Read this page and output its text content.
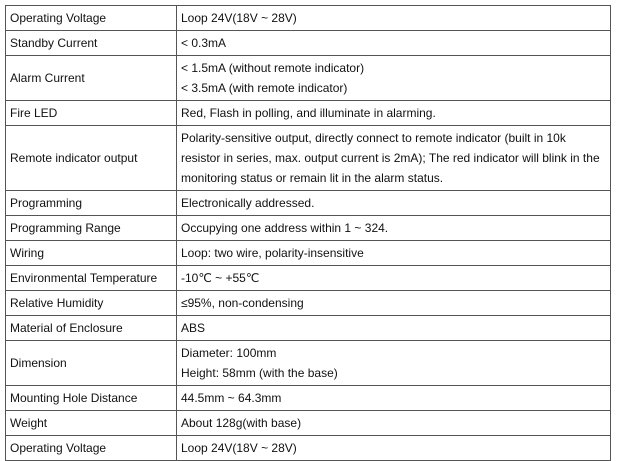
Operating Voltage	Loop 24V(18V ~ 28V)

Standby Current	< 0.3mA

Alarm Current	< 1.5mA (without remote indicator)
< 3.5mA (with remote indicator)

Fire LED	Red, Flash in polling, and illuminate in alarming.

Remote indicator output	Polarity-sensitive output, directly connect to remote indicator (built in 10k
resistor in series, max. output current is 2mA); The red indicator will blink in the
monitoring status or remain lit in the alarm status.

Programming	Electronically addressed.

Programming Range	Occupying one address within 1 ~ 324.

Wiring	Loop: two wire, polarity-insensitive

Environmental Temperature	-10℃ ~ +55℃

Relative Humidity	≤95%, non-condensing

Material of Enclosure	ABS

Dimension	Diameter: 100mm
Height: 58mm (with the base)

Mounting Hole Distance	44.5mm ~ 64.3mm

Weight	About 128g(with base)

Operating Voltage	Loop 24V(18V ~ 28V)
